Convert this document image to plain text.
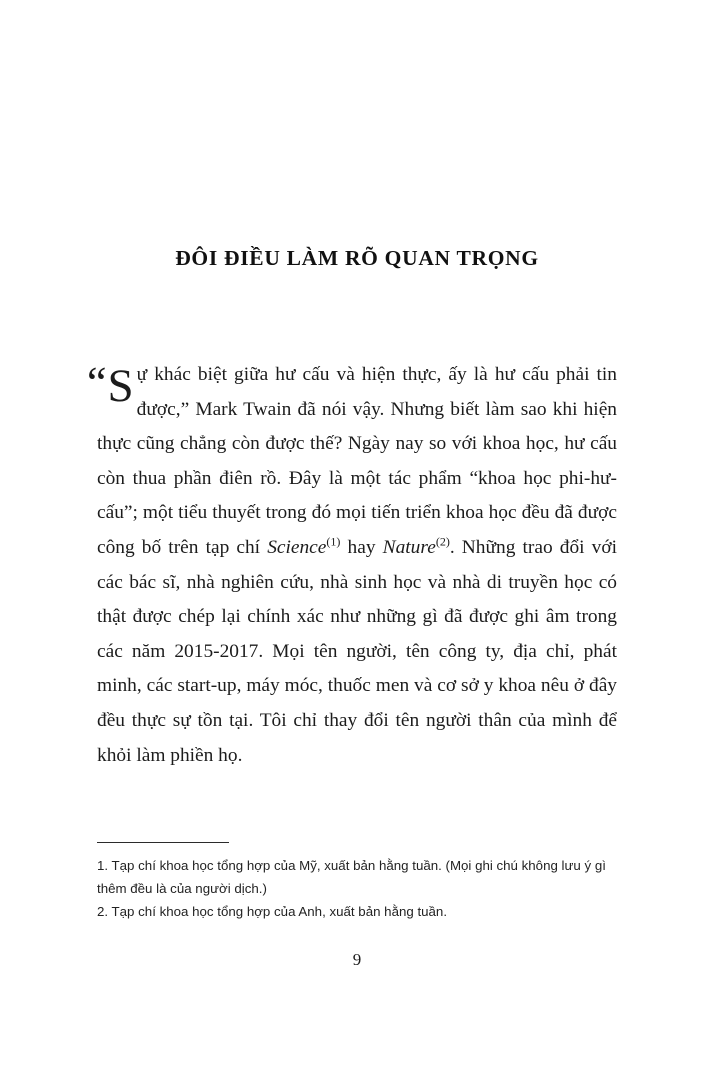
ĐÔI ĐIỀU LÀM RÕ QUAN TRỌNG

“ S ự khác biệt giữa hư cấu và hiện thực, ấy là hư cấu phải tin được,” Mark Twain đã nói vậy. Nhưng biết làm sao khi hiện thực cũng chẳng còn được thế? Ngày nay so với khoa học, hư cấu còn thua phần điên rồ. Đây là một tác phẩm “khoa học phi-hư-cấu”; một tiểu thuyết trong đó mọi tiến triển khoa học đều đã được công bố trên tạp chí Science$^{(1)}$ hay Nature$^{(2)}$. Những trao đổi với các bác sĩ, nhà nghiên cứu, nhà sinh học và nhà di truyền học có thật được chép lại chính xác như những gì đã được ghi âm trong các năm 2015-2017. Mọi tên người, tên công ty, địa chỉ, phát minh, các start-up, máy móc, thuốc men và cơ sở y khoa nêu ở đây đều thực sự tồn tại. Tôi chỉ thay đổi tên người thân của mình để khỏi làm phiền họ.

1. Tạp chí khoa học tổng hợp của Mỹ, xuất bản hằng tuần. (Mọi ghi chú không lưu ý gì thêm đều là của người dịch.)

2. Tạp chí khoa học tổng hợp của Anh, xuất bản hằng tuần.

9
